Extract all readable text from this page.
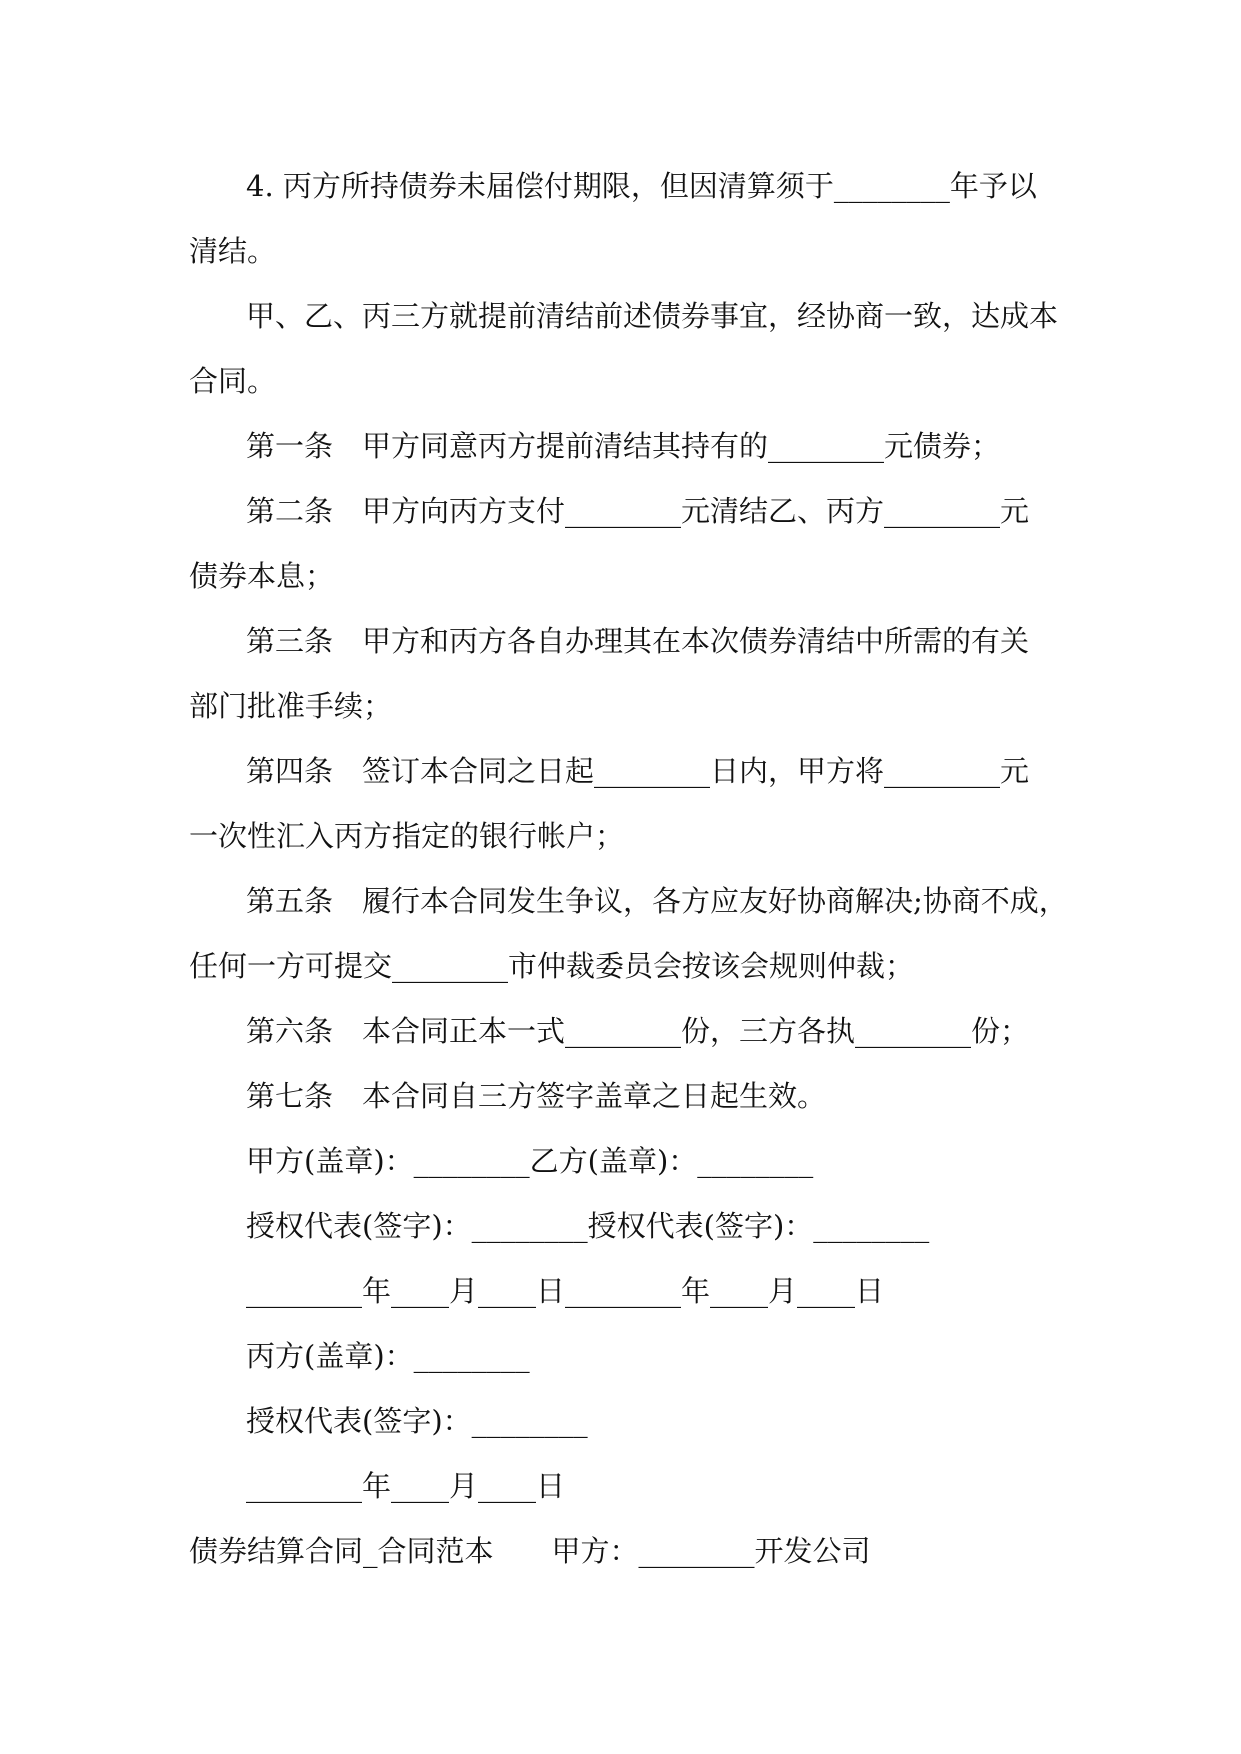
4. 丙方所持债券未届偿付期限，但因清算须于________年予以
清结。
甲、乙、丙三方就提前清结前述债券事宜，经协商一致，达成本
合同。
第一条　甲方同意丙方提前清结其持有的________元债券；
第二条　甲方向丙方支付________元清结乙、丙方________元
债券本息；
第三条　甲方和丙方各自办理其在本次债券清结中所需的有关
部门批准手续；
第四条　签订本合同之日起________日内，甲方将________元
一次性汇入丙方指定的银行帐户；
第五条　履行本合同发生争议，各方应友好协商解决;协商不成，
任何一方可提交________市仲裁委员会按该会规则仲裁；
第六条　本合同正本一式________份，三方各执________份；
第七条　本合同自三方签字盖章之日起生效。
甲方(盖章)：________乙方(盖章)：________
授权代表(签字)：________授权代表(签字)：________
________年____月____日________年____月____日
丙方(盖章)：________
授权代表(签字)：________
________年____月____日
债券结算合同_合同范本　　甲方：________开发公司
